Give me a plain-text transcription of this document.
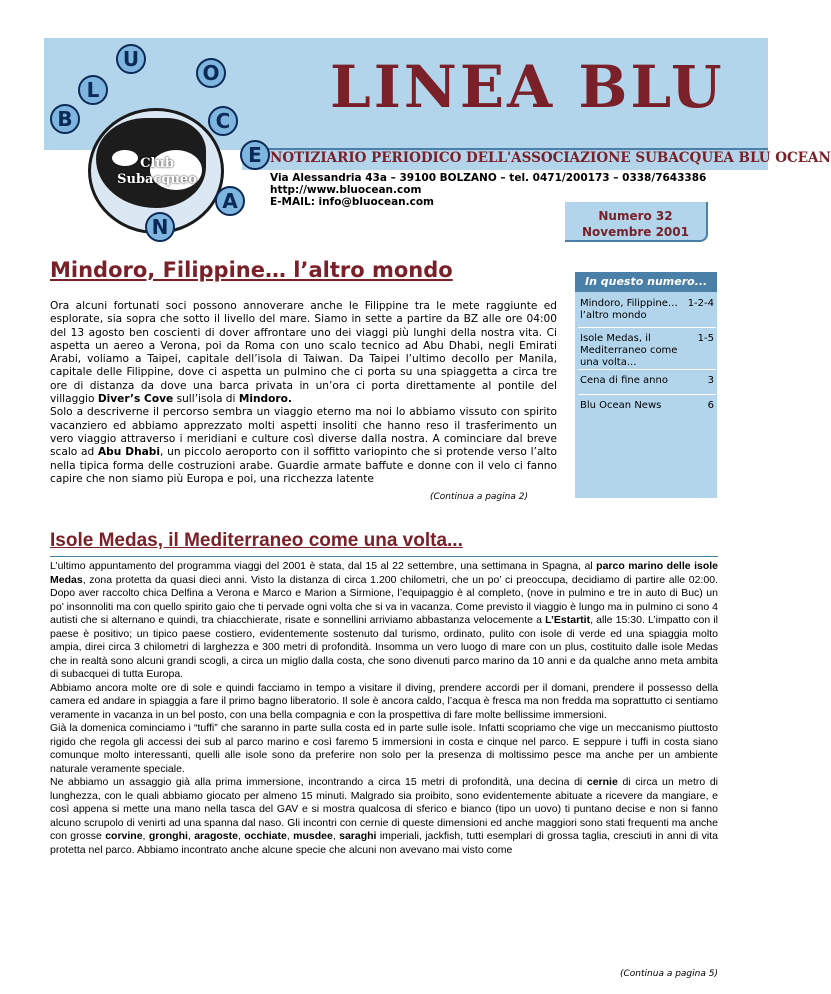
Club
Subacqueo
B
L
U
O
C
E
A
N
LINEA BLU
NOTIZIARIO PERIODICO DELL'ASSOCIAZIONE SUBACQUEA BLU OCEAN
Via Alessandria 43a – 39100 BOLZANO – tel. 0471/200173 – 0338/7643386
http://www.bluocean.com
E-MAIL: info@bluocean.com
Numero 32
Novembre 2001
Mindoro, Filippine… l’altro mondo
Ora alcuni fortunati soci possono annoverare anche le Filippine tra le mete raggiunte ed esplorate, sia sopra che sotto il livello del mare. Siamo in sette a partire da BZ alle ore 04:00 del 13 agosto ben coscienti di dover affrontare uno dei viaggi più lunghi della nostra vita. Ci aspetta un aereo a Verona, poi da Roma con uno scalo tecnico ad Abu Dhabi, negli Emirati Arabi, voliamo a Taipei, capitale dell’isola di Taiwan. Da Taipei l’ultimo decollo per Manila, capitale delle Filippine, dove ci aspetta un pulmino che ci porta su una spiaggetta a circa tre ore di distanza da dove una barca privata in un’ora ci porta direttamente al pontile del villaggio Diver’s Cove sull’isola di Mindoro.
Solo a descriverne il percorso sembra un viaggio eterno ma noi lo abbiamo vissuto con spirito vacanziero ed abbiamo apprezzato molti aspetti insoliti che hanno reso il trasferimento un vero viaggio attraverso i meridiani e culture così diverse dalla nostra. A cominciare dal breve scalo ad Abu Dhabi, un piccolo aeroporto con il soffitto variopinto che si protende verso l’alto nella tipica forma delle costruzioni arabe. Guardie armate baffute e donne con il velo ci fanno capire che non siamo più Europa e poi, una ricchezza latente
(Continua a pagina 2)
In questo numero...
Mindoro, Filippine… l’altro mondo
1-2-4
Isole Medas, il Mediterraneo come una volta...
1-5
Cena di fine anno	3
Blu Ocean News	6
Isole Medas, il Mediterraneo come una volta...
L’ultimo appuntamento del programma viaggi del 2001 è stata, dal 15 al 22 settembre, una settimana in Spagna, al parco marino delle isole Medas, zona protetta da quasi dieci anni. Visto la distanza di circa 1.200 chilometri, che un po’ ci preoccupa, decidiamo di partire alle 02:00. Dopo aver raccolto chica Delfina a Verona e Marco e Marion a Sirmione, l’equipaggio è al completo, (nove in pulmino e tre in auto di Buc) un po’ insonnoliti ma con quello spirito gaio che ti pervade ogni volta che si va in vacanza. Come previsto il viaggio è lungo ma in pulmino ci sono 4 autisti che si alternano e quindi, tra chiacchierate, risate e sonnellini arriviamo abbastanza velocemente a L’Estartit, alle 15:30. L’impatto con il paese è positivo; un tipico paese costiero, evidentemente sostenuto dal turismo, ordinato, pulito con isole di verde ed una spiaggia molto ampia, direi circa 3 chilometri di larghezza e 300 metri di profondità. Insomma un vero luogo di mare con un plus, costituito dalle isole Medas che in realtà sono alcuni grandi scogli, a circa un miglio dalla costa, che sono divenuti parco marino da 10 anni e da qualche anno meta ambita di subacquei di tutta Europa.
Abbiamo ancora molte ore di sole e quindi facciamo in tempo a visitare il diving, prendere accordi per il domani, prendere il possesso della camera ed andare in spiaggia a fare il primo bagno liberatorio. Il sole è ancora caldo, l’acqua è fresca ma non fredda ma soprattutto ci sentiamo veramente in vacanza in un bel posto, con una bella compagnia e con la prospettiva di fare molte bellissime immersioni.
Già la domenica cominciamo i “tuffi” che saranno in parte sulla costa ed in parte sulle isole. Infatti scopriamo che vige un meccanismo piuttosto rigido che regola gli accessi dei sub al parco marino e così faremo 5 immersioni in costa e cinque nel parco. E seppure i tuffi in costa siano comunque molto interessanti, quelli alle isole sono da preferire non solo per la presenza di moltissimo pesce ma anche per un ambiente naturale veramente speciale.
Ne abbiamo un assaggio già alla prima immersione, incontrando a circa 15 metri di profondità, una decina di cernie di circa un metro di lunghezza, con le quali abbiamo giocato per almeno 15 minuti. Malgrado sia proibito, sono evidentemente abituate a ricevere da mangiare, e così appena si mette una mano nella tasca del GAV e si mostra qualcosa di sferico e bianco (tipo un uovo) ti puntano decise e non si fanno alcuno scrupolo di venirti ad una spanna dal naso. Gli incontri con cernie di queste dimensioni ed anche maggiori sono stati frequenti ma anche con grosse corvine, gronghi, aragoste, occhiate, musdee, saraghi imperiali, jackfish, tutti esemplari di grossa taglia, cresciuti in anni di vita protetta nel parco. Abbiamo incontrato anche alcune specie che alcuni non avevano mai visto come
(Continua a pagina 5)
